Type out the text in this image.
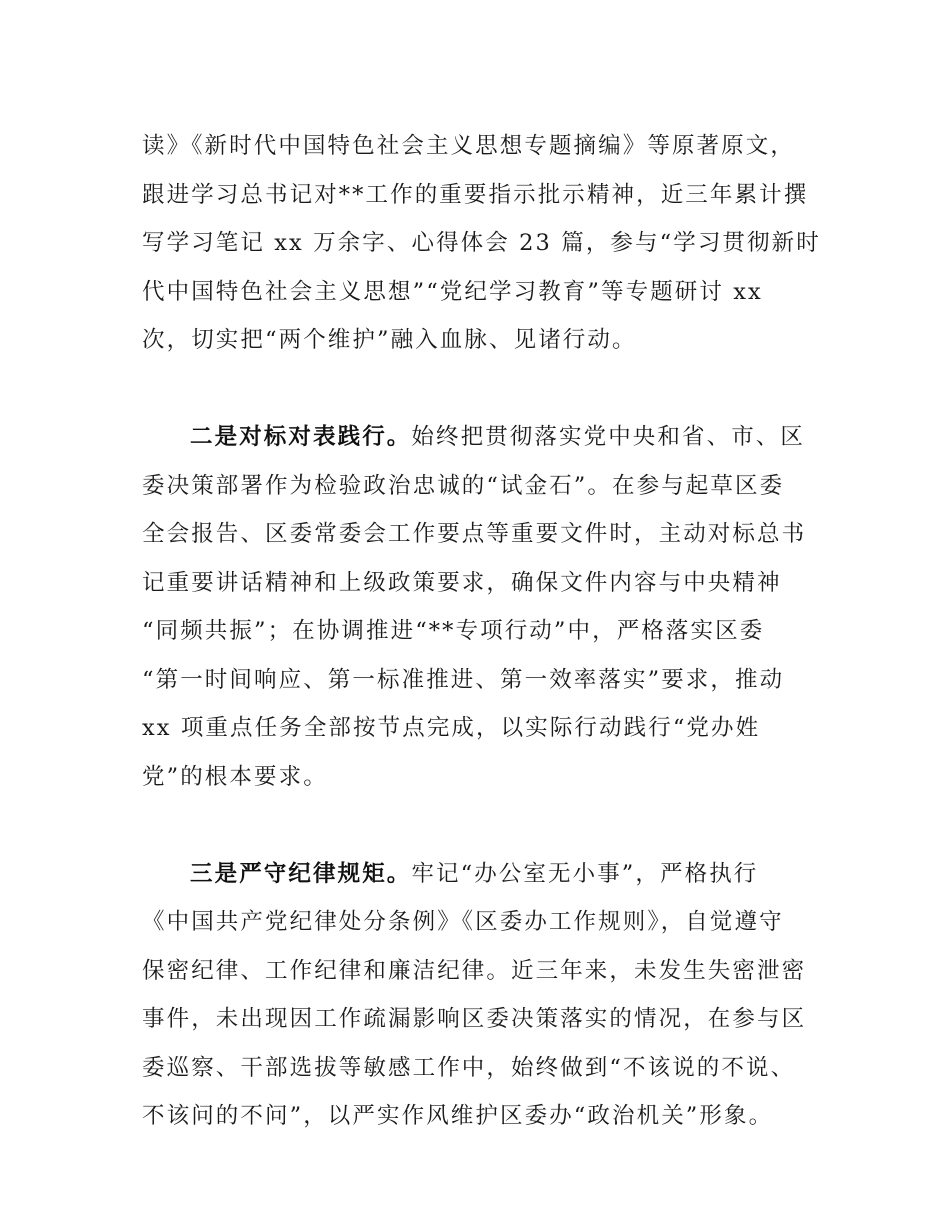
读》《新时代中国特色社会主义思想专题摘编》等原著原文，
跟进学习总书记对**工作的重要指示批示精神，近三年累计撰
写学习笔记 xx 万余字、心得体会 23 篇，参与“学习贯彻新时
代中国特色社会主义思想”“党纪学习教育”等专题研讨 xx
次，切实把“两个维护”融入血脉、见诸行动。
二是对标对表践行。始终把贯彻落实党中央和省、市、区
委决策部署作为检验政治忠诚的“试金石”。在参与起草区委
全会报告、区委常委会工作要点等重要文件时，主动对标总书
记重要讲话精神和上级政策要求，确保文件内容与中央精神
“同频共振”；在协调推进“**专项行动”中，严格落实区委
“第一时间响应、第一标准推进、第一效率落实”要求，推动
xx 项重点任务全部按节点完成，以实际行动践行“党办姓
党”的根本要求。
三是严守纪律规矩。牢记“办公室无小事”，严格执行
《中国共产党纪律处分条例》《区委办工作规则》，自觉遵守
保密纪律、工作纪律和廉洁纪律。近三年来，未发生失密泄密
事件，未出现因工作疏漏影响区委决策落实的情况，在参与区
委巡察、干部选拔等敏感工作中，始终做到“不该说的不说、
不该问的不问”，以严实作风维护区委办“政治机关”形象。
